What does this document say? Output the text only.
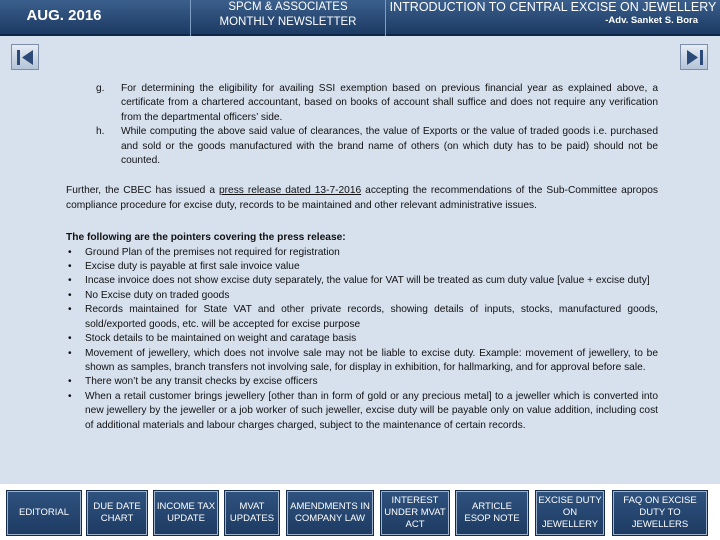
AUG. 2016	SPCM & ASSOCIATES
MONTHLY NEWSLETTER
INTRODUCTION TO CENTRAL EXCISE ON JEWELLERY
-Adv. Sanket S. Bora
g. For determining the eligibility for availing SSI exemption based on previous financial year as explained above, a certificate from a chartered accountant, based on books of account shall suffice and does not require any verification from the departmental officers’ side.
h. While computing the above said value of clearances, the value of Exports or the value of traded goods i.e. purchased and sold or the goods manufactured with the brand name of others (on which duty has to be paid) should not be counted.

Further, the CBEC has issued a press release dated 13-7-2016 accepting the recommendations of the Sub-Committee apropos compliance procedure for excise duty, records to be maintained and other relevant administrative issues.

The following are the pointers covering the press release:
• Ground Plan of the premises not required for registration
• Excise duty is payable at first sale invoice value
• Incase invoice does not show excise duty separately, the value for VAT will be treated as cum duty value [value + excise duty]
• No Excise duty on traded goods
• Records maintained for State VAT and other private records, showing details of inputs, stocks, manufactured goods, sold/exported goods, etc. will be accepted for excise purpose
• Stock details to be maintained on weight and caratage basis
• Movement of jewellery, which does not involve sale may not be liable to excise duty. Example: movement of jewellery, to be shown as samples, branch transfers not involving sale, for display in exhibition, for hallmarking, and for approval before sale.
• There won’t be any transit checks by excise officers
• When a retail customer brings jewellery [other than in form of gold or any precious metal] to a jeweller which is converted into new jewellery by the jeweller or a job worker of such jeweller, excise duty will be payable only on value addition, including cost of additional materials and labour charges charged, subject to the maintenance of certain records.
EDITORIAL
DUE DATE CHART
INCOME TAX UPDATE
MVAT UPDATES
AMENDMENTS IN COMPANY LAW
INTEREST UNDER MVAT ACT
ARTICLE ESOP NOTE
EXCISE DUTY ON JEWELLERY
FAQ ON EXCISE DUTY TO JEWELLERS
